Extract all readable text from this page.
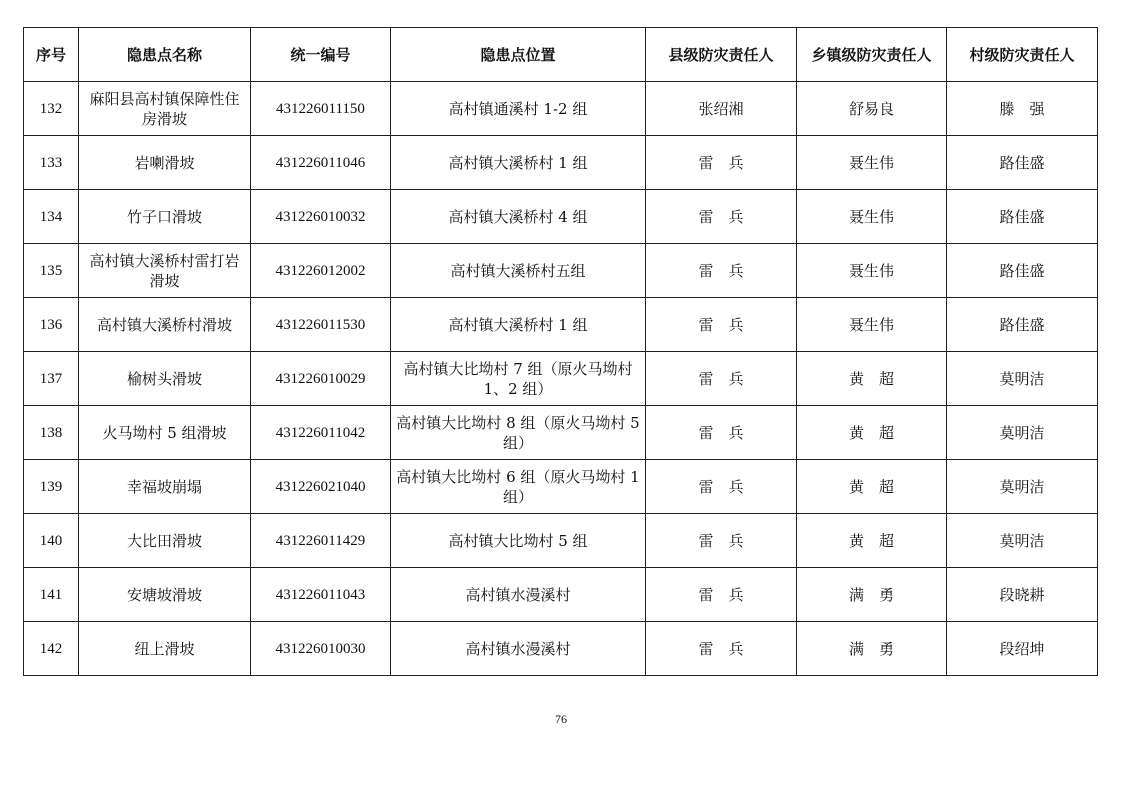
序号	隐患点名称	统一编号	隐患点位置	县级防灾责任人	乡镇级防灾责任人	村级防灾责任人
132	麻阳县高村镇保障性住房滑坡	431226011150	高村镇通溪村 1-2 组	张绍湘	舒易良	滕　强
133	岩喇滑坡	431226011046	高村镇大溪桥村 1 组	雷　兵	聂生伟	路佳盛
134	竹子口滑坡	431226010032	高村镇大溪桥村 4 组	雷　兵	聂生伟	路佳盛
135	高村镇大溪桥村雷打岩滑坡	431226012002	高村镇大溪桥村五组	雷　兵	聂生伟	路佳盛
136	高村镇大溪桥村滑坡	431226011530	高村镇大溪桥村 1 组	雷　兵	聂生伟	路佳盛
137	榆树头滑坡	431226010029	高村镇大比坳村 7 组（原火马坳村 1、2 组）	雷　兵	黄　超	莫明洁
138	火马坳村 5 组滑坡	431226011042	高村镇大比坳村 8 组（原火马坳村 5 组）	雷　兵	黄　超	莫明洁
139	幸福坡崩塌	431226021040	高村镇大比坳村 6 组（原火马坳村 1 组）	雷　兵	黄　超	莫明洁
140	大比田滑坡	431226011429	高村镇大比坳村 5 组	雷　兵	黄　超	莫明洁
141	安塘坡滑坡	431226011043	高村镇水漫溪村	雷　兵	满　勇	段晓耕
142	纽上滑坡	431226010030	高村镇水漫溪村	雷　兵	满　勇	段绍坤
76
